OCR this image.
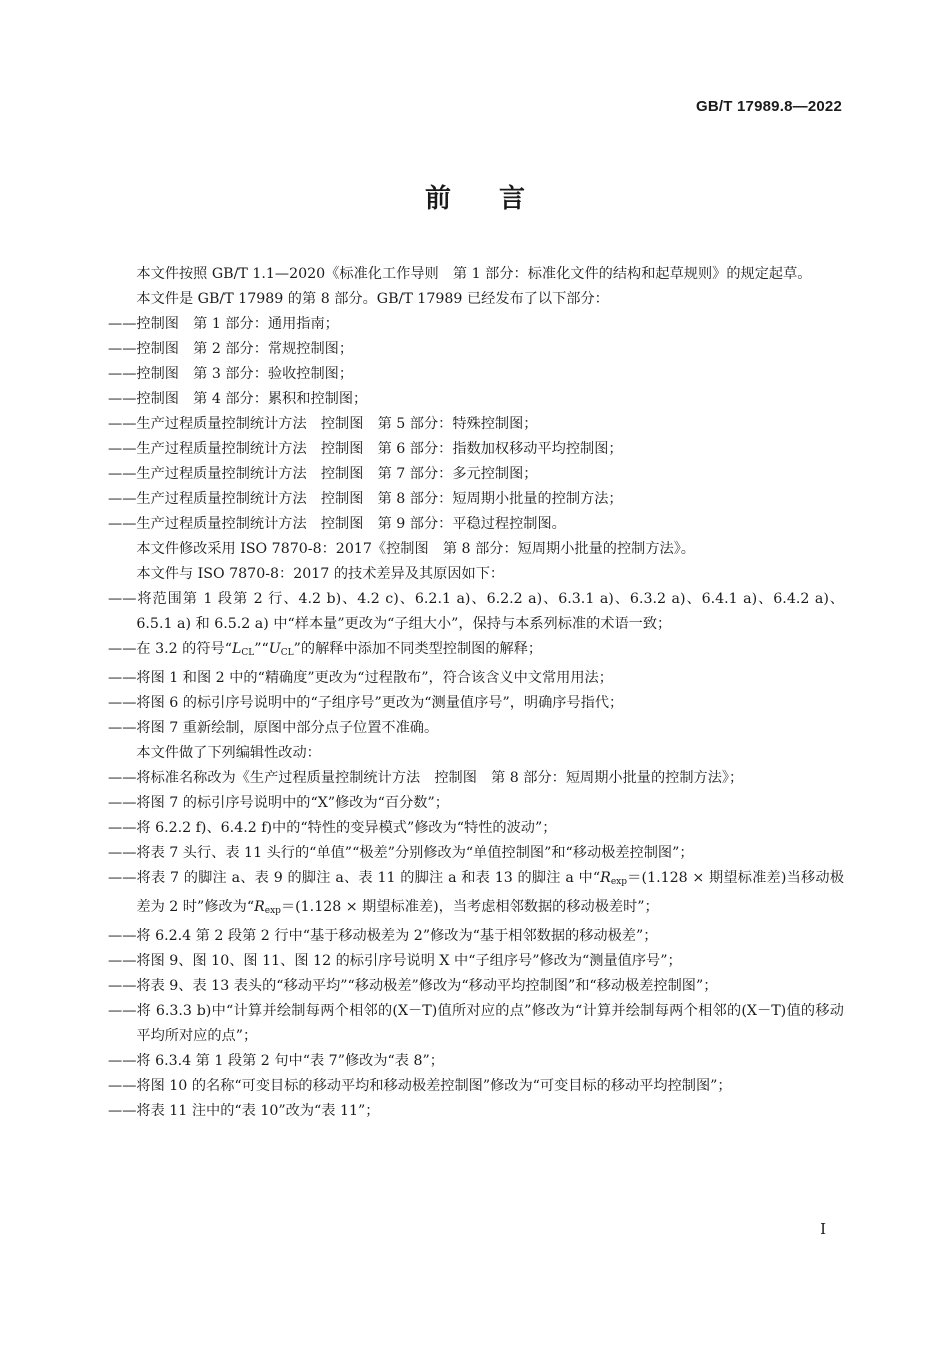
GB/T 17989.8—2022
前言

本文件按照 GB/T 1.1—2020《标准化工作导则　第 1 部分：标准化文件的结构和起草规则》的规定起草。

本文件是 GB/T 17989 的第 8 部分。GB/T 17989 已经发布了以下部分：

——控制图　第 1 部分：通用指南；

——控制图　第 2 部分：常规控制图；

——控制图　第 3 部分：验收控制图；

——控制图　第 4 部分：累积和控制图；

——生产过程质量控制统计方法　控制图　第 5 部分：特殊控制图；

——生产过程质量控制统计方法　控制图　第 6 部分：指数加权移动平均控制图；

——生产过程质量控制统计方法　控制图　第 7 部分：多元控制图；

——生产过程质量控制统计方法　控制图　第 8 部分：短周期小批量的控制方法；

——生产过程质量控制统计方法　控制图　第 9 部分：平稳过程控制图。

本文件修改采用 ISO 7870-8：2017《控制图　第 8 部分：短周期小批量的控制方法》。

本文件与 ISO 7870-8：2017 的技术差异及其原因如下：

——将范围第 1 段第 2 行、4.2 b)、4.2 c)、6.2.1 a)、6.2.2 a)、6.3.1 a)、6.3.2 a)、6.4.1 a)、6.4.2 a)、6.5.1 a) 和 6.5.2 a) 中“样本量”更改为“子组大小”，保持与本系列标准的术语一致；

——在 3.2 的符号“$L_{CL}”“U_{CL}$”的解释中添加不同类型控制图的解释；

——将图 1 和图 2 中的“精确度”更改为“过程散布”，符合该含义中文常用用法；

——将图 6 的标引序号说明中的“子组序号”更改为“测量值序号”，明确序号指代；

——将图 7 重新绘制，原图中部分点子位置不准确。

本文件做了下列编辑性改动：

——将标准名称改为《生产过程质量控制统计方法　控制图　第 8 部分：短周期小批量的控制方法》；

——将图 7 的标引序号说明中的“X”修改为“百分数”；

——将 6.2.2 f)、6.4.2 f)中的“特性的变异模式”修改为“特性的波动”；

——将表 7 头行、表 11 头行的“单值”“极差”分别修改为“单值控制图”和“移动极差控制图”；

——将表 7 的脚注 a、表 9 的脚注 a、表 11 的脚注 a 和表 13 的脚注 a 中“$R_{exp}=(1.128$ × 期望标准差)当移动极差为 2 时”修改为“$R_{exp}=(1.128$ × 期望标准差)，当考虑相邻数据的移动极差时”；

——将 6.2.4 第 2 段第 2 行中“基于移动极差为 2”修改为“基于相邻数据的移动极差”；

——将图 9、图 10、图 11、图 12 的标引序号说明 X 中“子组序号”修改为“测量值序号”；

——将表 9、表 13 表头的“移动平均”“移动极差”修改为“移动平均控制图”和“移动极差控制图”；

——将 6.3.3 b)中“计算并绘制每两个相邻的(X－T)值所对应的点”修改为“计算并绘制每两个相邻的(X－T)值的移动平均所对应的点”；

——将 6.3.4 第 1 段第 2 句中“表 7”修改为“表 8”；

——将图 10 的名称“可变目标的移动平均和移动极差控制图”修改为“可变目标的移动平均控制图”；

——将表 11 注中的“表 10”改为“表 11”；

I
